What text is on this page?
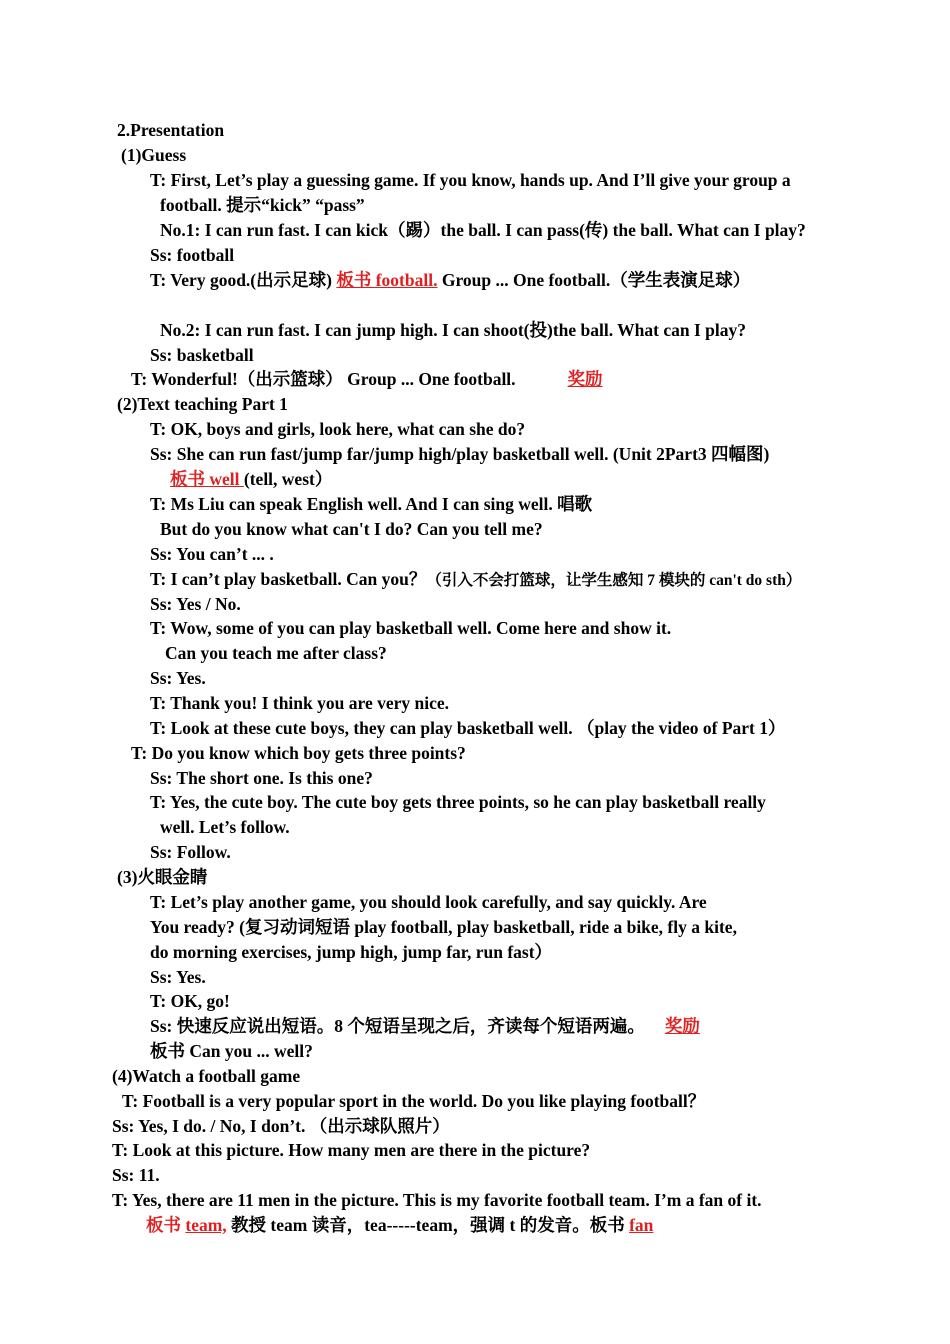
2.Presentation
(1)Guess
T: First, Let’s play a guessing game. If you know, hands up. And I’ll give your group a
football. 提示“kick” “pass”
No.1: I can run fast. I can kick（踢）the ball. I can pass(传) the ball. What can I play?
Ss: football
T: Very good.(出示足球) 板书 football. Group ... One football.（学生表演足球）
No.2: I can run fast. I can jump high. I can shoot(投)the ball. What can I play?
Ss: basketball
T: Wonderful!（出示篮球） Group ... One football.	奖励
(2)Text teaching Part 1
T: OK, boys and girls, look here, what can she do?
Ss: She can run fast/jump far/jump high/play basketball well. (Unit 2Part3 四幅图)
板书 well (tell, west）
T: Ms Liu can speak English well. And I can sing well. 唱歌
But do you know what can't I do? Can you tell me?
Ss: You can’t ... .
T: I can’t play basketball. Can you？（引入不会打篮球，让学生感知 7 模块的 can't do sth）
Ss: Yes / No.
T: Wow, some of you can play basketball well. Come here and show it.
Can you teach me after class?
Ss: Yes.
T: Thank you! I think you are very nice.
T: Look at these cute boys, they can play basketball well. （play the video of Part 1）
T: Do you know which boy gets three points?
Ss: The short one. Is this one?
T: Yes, the cute boy. The cute boy gets three points, so he can play basketball really
well. Let’s follow.
Ss: Follow.
(3)火眼金睛
T: Let’s play another game, you should look carefully, and say quickly. Are
You ready? (复习动词短语 play football, play basketball, ride a bike, fly a kite,
do morning exercises, jump high, jump far, run fast）
Ss: Yes.
T: OK, go!
Ss: 快速反应说出短语。8 个短语呈现之后，齐读每个短语两遍。 奖励
板书 Can you ... well?
(4)Watch a football game
T: Football is a very popular sport in the world. Do you like playing football？
Ss: Yes, I do. / No, I don’t. （出示球队照片）
T: Look at this picture. How many men are there in the picture?
Ss: 11.
T: Yes, there are 11 men in the picture. This is my favorite football team. I’m a fan of it.
板书 team, 教授 team 读音，tea-----team，强调 t 的发音。板书 fan
